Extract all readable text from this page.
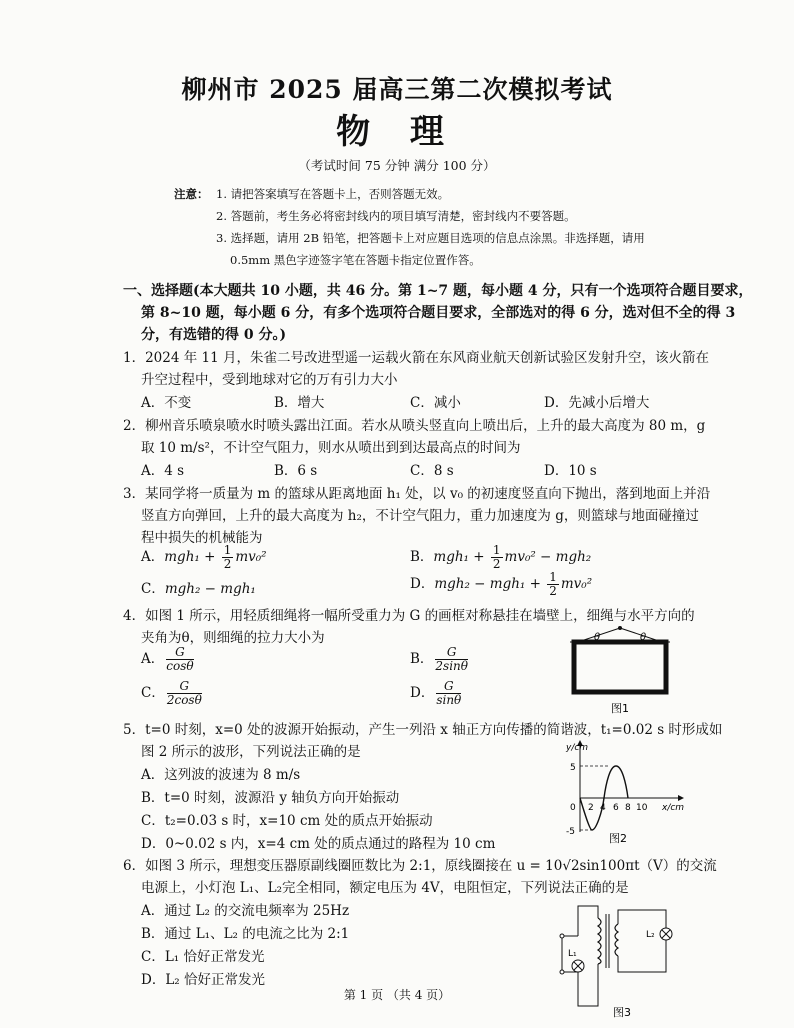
柳州市 2025 届高三第二次模拟考试
物 理
（考试时间 75 分钟 满分 100 分）
注意： 1. 请把答案填写在答题卡上，否则答题无效。
2. 答题前，考生务必将密封线内的项目填写清楚，密封线内不要答题。
3. 选择题，请用 2B 铅笔，把答题卡上对应题目选项的信息点涂黑。非选择题，请用
0.5mm 黑色字迹签字笔在答题卡指定位置作答。
一、选择题(本大题共 10 小题，共 46 分。第 1~7 题，每小题 4 分，只有一个选项符合题目要求，
第 8~10 题，每小题 6 分，有多个选项符合题目要求，全部选对的得 6 分，选对但不全的得 3
分，有选错的得 0 分。)
1．2024 年 11 月，朱雀二号改进型遥一运载火箭在东风商业航天创新试验区发射升空，该火箭在
升空过程中，受到地球对它的万有引力大小
A．不变	B．增大	C．减小	D．先减小后增大
2．柳州音乐喷泉喷水时喷头露出江面。若水从喷头竖直向上喷出后，上升的最大高度为 80 m，g
取 10 m/s²，不计空气阻力，则水从喷出到到达最高点的时间为
A．4 s	B．6 s	C．8 s	D．10 s
3．某同学将一质量为 m 的篮球从距离地面 h₁ 处，以 v₀ 的初速度竖直向下抛出，落到地面上并沿
竖直方向弹回，上升的最大高度为 h₂，不计空气阻力，重力加速度为 g，则篮球与地面碰撞过
程中损失的机械能为
A．$mgh_1 + \frac{1}{2} mv_0^2$	B．$mgh_1 + \frac{1}{2} mv_0^2 - mgh_2$
C．mgh₂ − mgh₁	D．$mgh_2 - mgh_1 + \frac{1}{2} mv_0^2$
4．如图 1 所示，用轻质细绳将一幅所受重力为 G 的画框对称悬挂在墙壁上，细绳与水平方向的
夹角为θ，则细绳的拉力大小为
A． $\frac{G}{\cos\theta}$	B． $\frac{G}{2\sin\theta}$
C． $\frac{G}{2\cos\theta}$	D． $\frac{G}{\sin\theta}$
θ	θ
图1
5．t=0 时刻，x=0 处的波源开始振动，产生一列沿 x 轴正方向传播的简谐波，t₁=0.02 s 时形成如
图 2 所示的波形，下列说法正确的是
A．这列波的波速为 8 m/s
B．t=0 时刻，波源沿 y 轴负方向开始振动
C．t₂=0.03 s 时，x=10 cm 处的质点开始振动
D．0~0.02 s 内，x=4 cm 处的质点通过的路程为 10 cm
y/cm
x/cm
5
0
-5
2 4 6 8 10
图2
6．如图 3 所示，理想变压器原副线圈匝数比为 2:1，原线圈接在 u = 10√2sin100πt（V）的交流
电源上，小灯泡 L₁、L₂完全相同，额定电压为 4V，电阻恒定，下列说法正确的是
A．通过 L₂ 的交流电频率为 25Hz
B．通过 L₁、L₂ 的电流之比为 2:1
C．L₁ 恰好正常发光
D．L₂ 恰好正常发光
L₂
L₁
图3
第 1 页 （共 4 页）
